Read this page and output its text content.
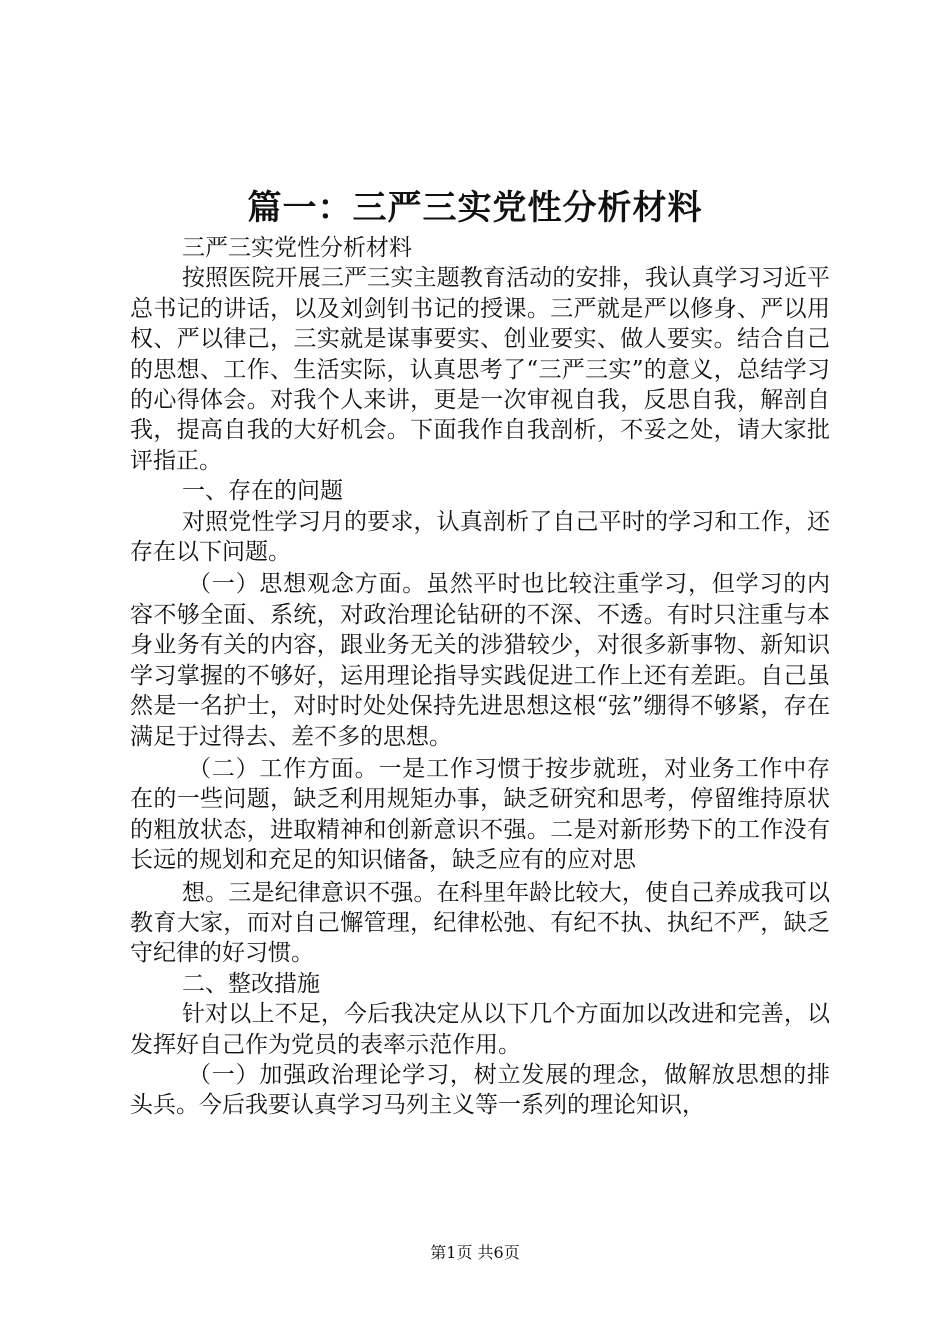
篇一：三严三实党性分析材料

三严三实党性分析材料

按照医院开展三严三实主题教育活动的安排，我认真学习习近平总书记的讲话，以及刘剑钊书记的授课。三严就是严以修身、严以用权、严以律己，三实就是谋事要实、创业要实、做人要实。结合自己的思想、工作、生活实际，认真思考了“三严三实”的意义，总结学习的心得体会。对我个人来讲，更是一次审视自我，反思自我，解剖自我，提高自我的大好机会。下面我作自我剖析，不妥之处，请大家批评指正。

一、存在的问题

对照党性学习月的要求，认真剖析了自己平时的学习和工作，还存在以下问题。

（一）思想观念方面。虽然平时也比较注重学习，但学习的内容不够全面、系统，对政治理论钻研的不深、不透。有时只注重与本身业务有关的内容，跟业务无关的涉猎较少，对很多新事物、新知识学习掌握的不够好，运用理论指导实践促进工作上还有差距。自己虽然是一名护士，对时时处处保持先进思想这根“弦”绷得不够紧，存在满足于过得去、差不多的思想。

（二）工作方面。一是工作习惯于按步就班，对业务工作中存在的一些问题，缺乏利用规矩办事，缺乏研究和思考，停留维持原状的粗放状态，进取精神和创新意识不强。二是对新形势下的工作没有长远的规划和充足的知识储备，缺乏应有的应对思

想。三是纪律意识不强。在科里年龄比较大，使自己养成我可以教育大家，而对自己懈管理，纪律松弛、有纪不执、执纪不严，缺乏守纪律的好习惯。

二、整改措施

针对以上不足，今后我决定从以下几个方面加以改进和完善，以发挥好自己作为党员的表率示范作用。

（一）加强政治理论学习，树立发展的理念，做解放思想的排头兵。今后我要认真学习马列主义等一系列的理论知识，

第1页 共6页
